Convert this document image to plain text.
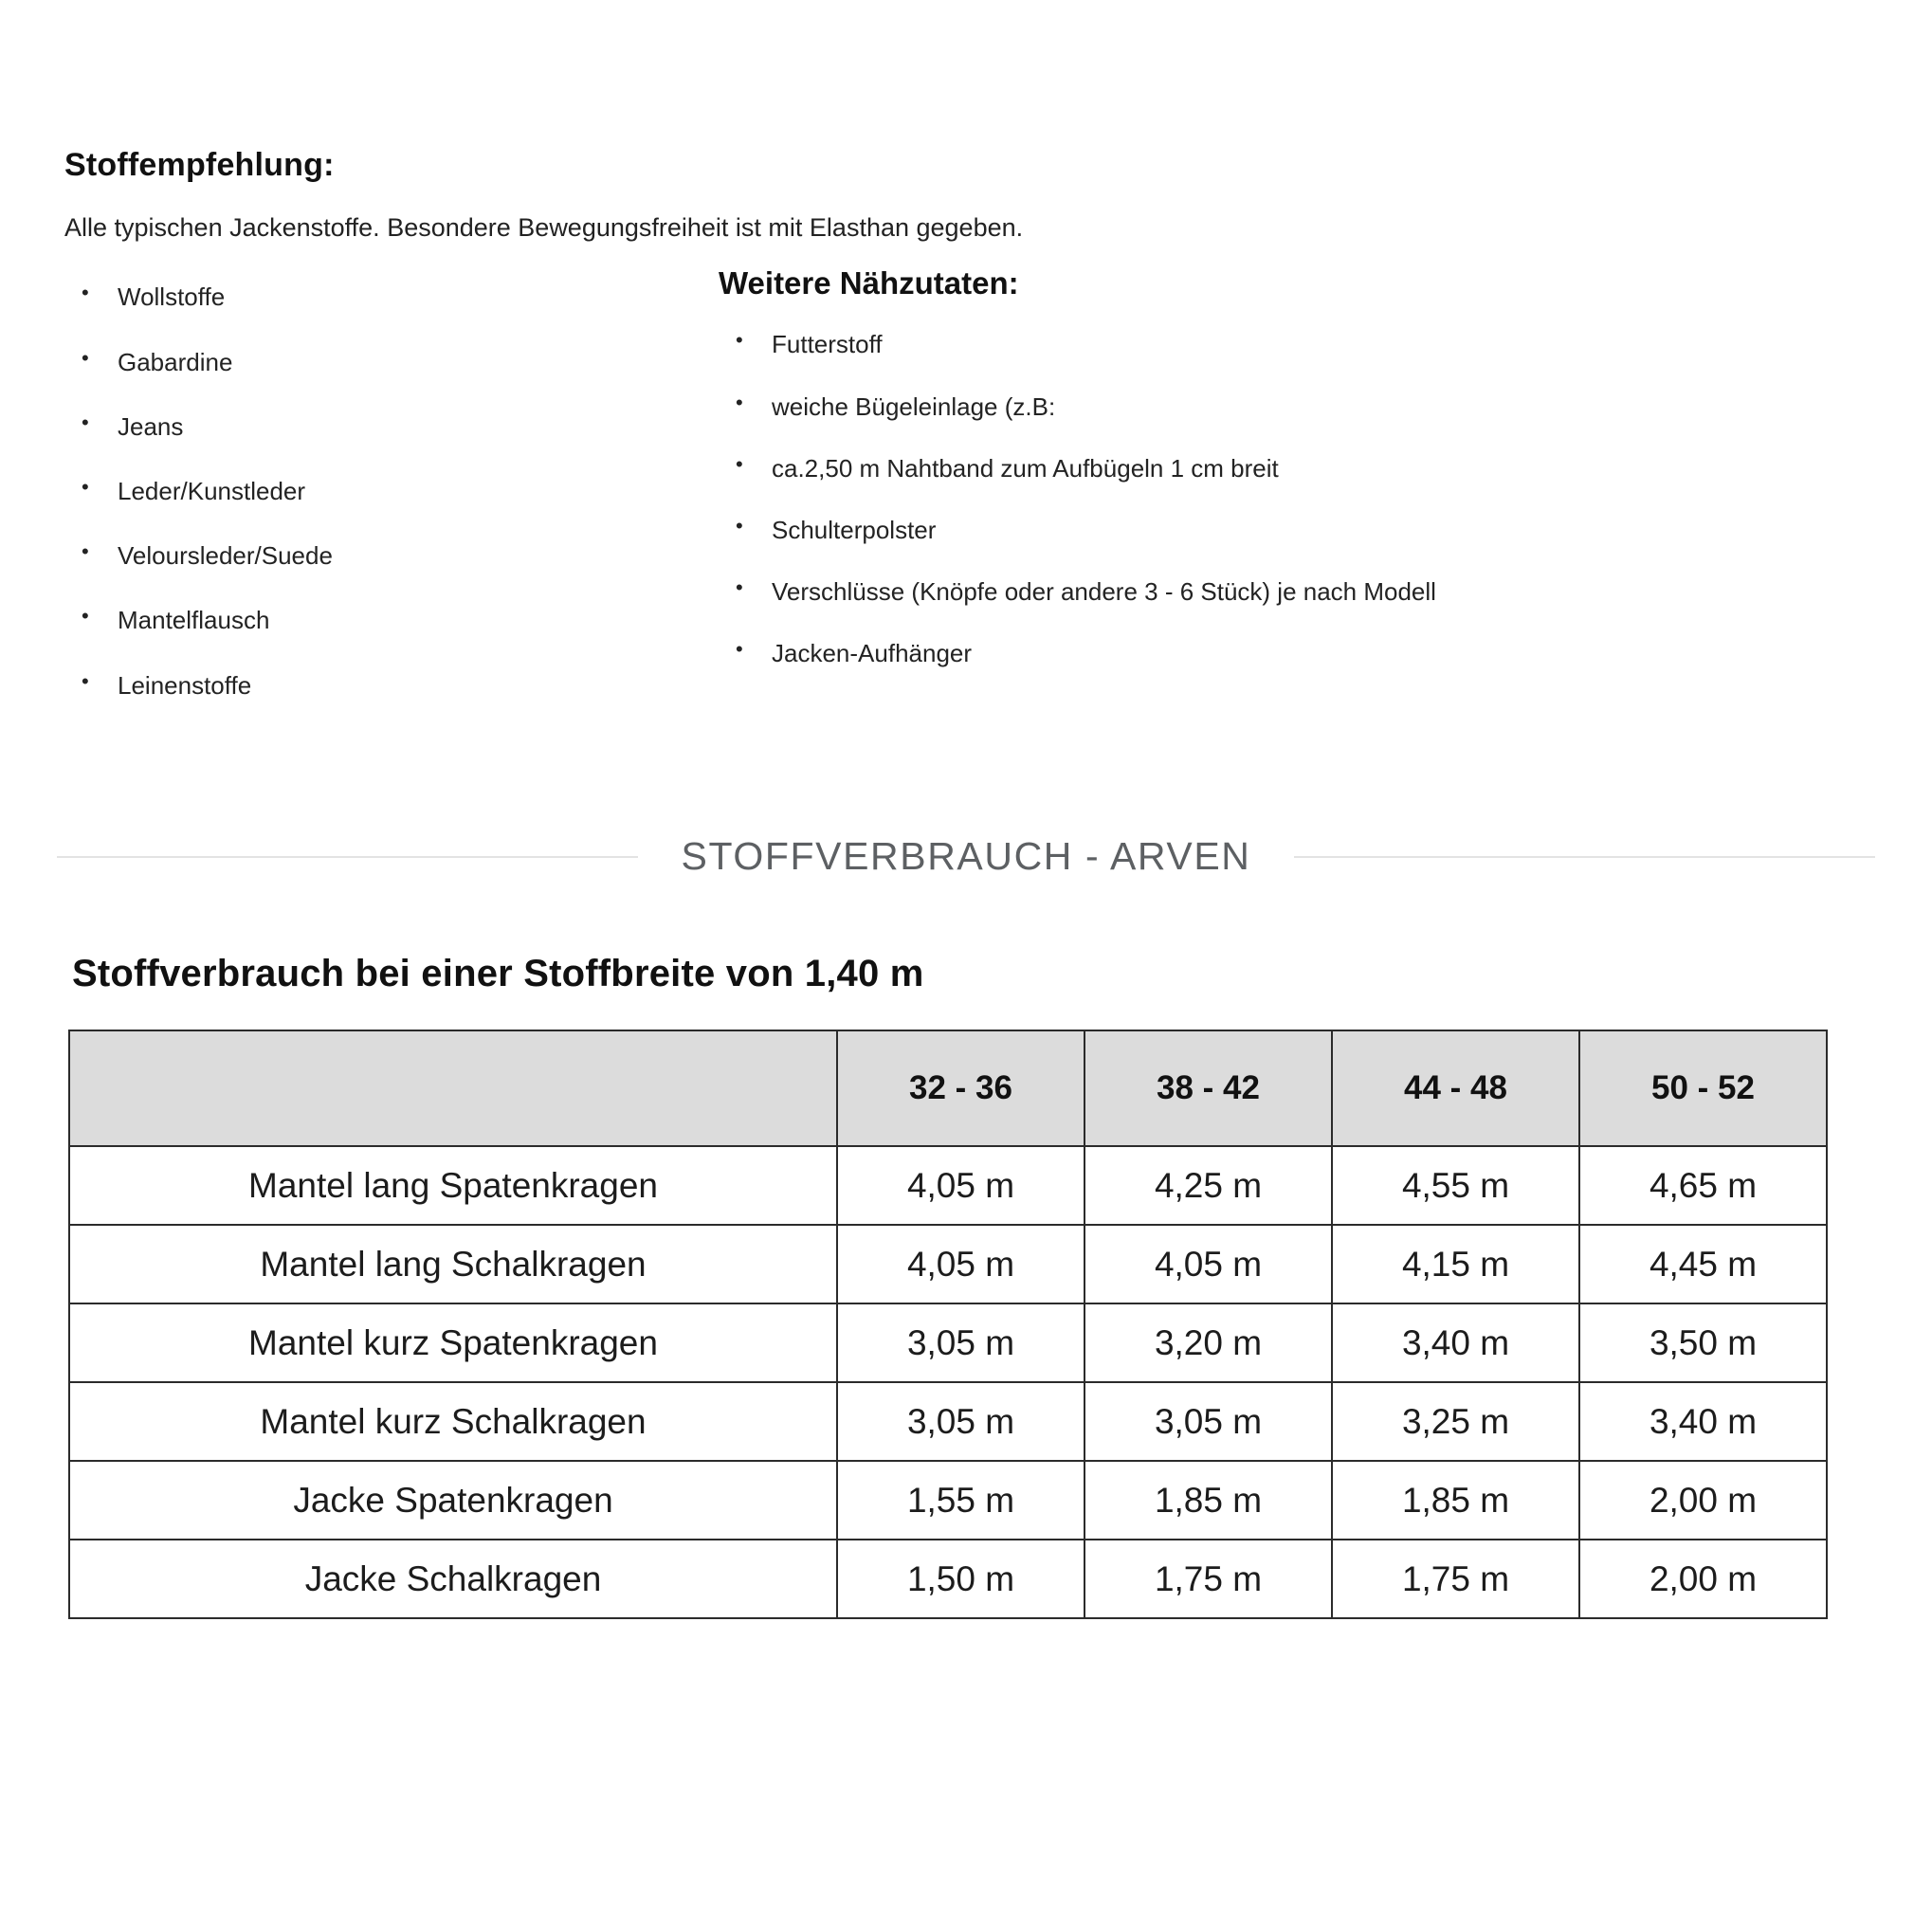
Stoffempfehlung:

Alle typischen Jackenstoffe. Besondere Bewegungsfreiheit ist mit Elasthan gegeben.

• Wollstoffe
• Gabardine
• Jeans
• Leder/Kunstleder
• Veloursleder/Suede
• Mantelflausch
• Leinenstoffe
Weitere Nähzutaten:
• Futterstoff
• weiche Bügeleinlage (z.B:
• ca.2,50 m Nahtband zum Aufbügeln 1 cm breit
• Schulterpolster
• Verschlüsse (Knöpfe oder andere 3 - 6 Stück) je nach Modell
• Jacken-Aufhänger
STOFFVERBRAUCH - ARVEN
Stoffverbrauch bei einer Stoffbreite von 1,40 m
	32 - 36	38 - 42	44 - 48	50 - 52
Mantel lang Spatenkragen	4,05 m	4,25 m	4,55 m	4,65 m
Mantel lang Schalkragen	4,05 m	4,05 m	4,15 m	4,45 m
Mantel kurz Spatenkragen	3,05 m	3,20 m	3,40 m	3,50 m
Mantel kurz Schalkragen	3,05 m	3,05 m	3,25 m	3,40 m
Jacke Spatenkragen	1,55 m	1,85 m	1,85 m	2,00 m
Jacke Schalkragen	1,50 m	1,75 m	1,75 m	2,00 m
